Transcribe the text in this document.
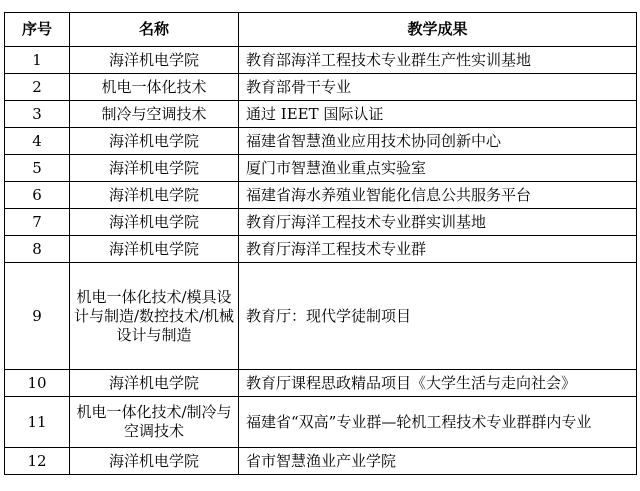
序号	名称	教学成果
1	海洋机电学院	教育部海洋工程技术专业群生产性实训基地
2	机电一体化技术	教育部骨干专业
3	制冷与空调技术	通过 IEET 国际认证
4	海洋机电学院	福建省智慧渔业应用技术协同创新中心
5	海洋机电学院	厦门市智慧渔业重点实验室
6	海洋机电学院	福建省海水养殖业智能化信息公共服务平台
7	海洋机电学院	教育厅海洋工程技术专业群实训基地
8	海洋机电学院	教育厅海洋工程技术专业群
9	机电一体化技术/模具设计与制造/数控技术/机械设计与制造	教育厅：现代学徒制项目
10	海洋机电学院	教育厅课程思政精品项目《大学生活与走向社会》
11	机电一体化技术/制冷与空调技术	福建省“双高”专业群—轮机工程技术专业群群内专业
12	海洋机电学院	省市智慧渔业产业学院
